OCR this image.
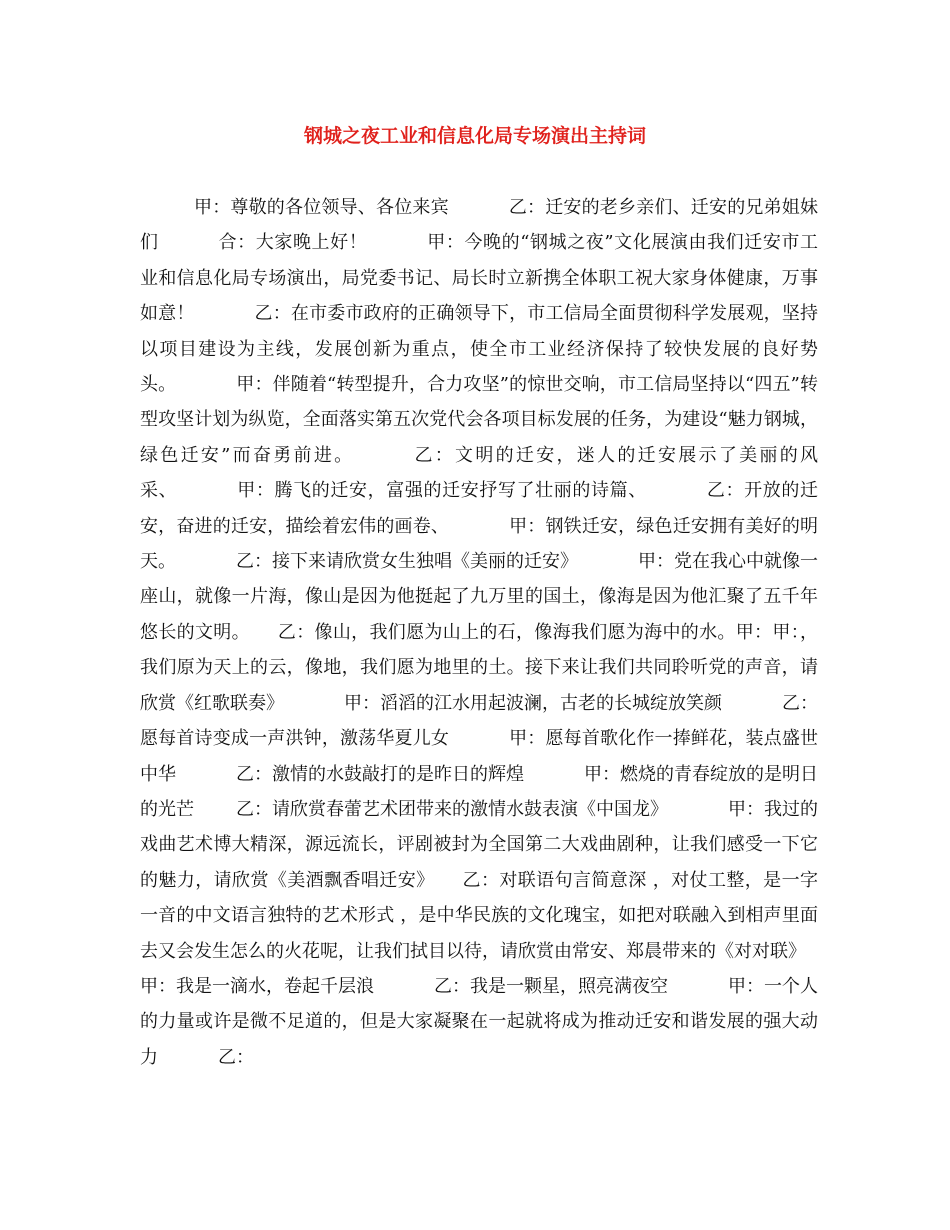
钢城之夜工业和信息化局专场演出主持词

甲：尊敬的各位领导、各位来宾	乙：迁安的老乡亲们、迁安的兄弟姐妹们	合：大家晚上好！	甲：今晚的“钢城之夜”文化展演由我们迁安市工业和信息化局专场演出，局党委书记、局长时立新携全体职工祝大家身体健康，万事如意！	乙：在市委市政府的正确领导下，市工信局全面贯彻科学发展观，坚持以项目建设为主线，发展创新为重点，使全市工业经济保持了较快发展的良好势头。	甲：伴随着“转型提升，合力攻坚”的惊世交响，市工信局坚持以“四五”转型攻坚计划为纵览，全面落实第五次党代会各项目标发展的任务，为建设“魅力钢城，绿色迁安”而奋勇前进。	乙：文明的迁安，迷人的迁安展示了美丽的风采、	甲：腾飞的迁安，富强的迁安抒写了壮丽的诗篇、	乙：开放的迁安，奋进的迁安，描绘着宏伟的画卷、	甲：钢铁迁安，绿色迁安拥有美好的明天。	乙：接下来请欣赏女生独唱《美丽的迁安》	甲：党在我心中就像一座山，就像一片海，像山是因为他挺起了九万里的国土，像海是因为他汇聚了五千年悠长的文明。 乙：像山，我们愿为山上的石，像海我们愿为海中的水。甲：甲：，我们原为天上的云，像地，我们愿为地里的土。接下来让我们共同聆听党的声音，请欣赏《红歌联奏》	甲：滔滔的江水用起波澜，古老的长城绽放笑颜	乙：愿每首诗变成一声洪钟，激荡华夏儿女	甲：愿每首歌化作一捧鲜花，装点盛世中华	乙：激情的水鼓敲打的是昨日的辉煌	甲：燃烧的青春绽放的是明日的光芒 乙：请欣赏春蕾艺术团带来的激情水鼓表演《中国龙》	甲：我过的戏曲艺术博大精深，源远流长，评剧被封为全国第二大戏曲剧种，让我们感受一下它的魅力，请欣赏《美酒飘香唱迁安》 乙：对联语句言简意深 ，对仗工整，是一字一音的中文语言独特的艺术形式 ，是中华民族的文化瑰宝，如把对联融入到相声里面去又会发生怎么的火花呢，让我们拭目以待，请欣赏由常安、郑晨带来的《对对联》甲：我是一滴水，卷起千层浪	乙：我是一颗星，照亮满夜空	甲：一个人的力量或许是微不足道的，但是大家凝聚在一起就将成为推动迁安和谐发展的强大动力	乙：
